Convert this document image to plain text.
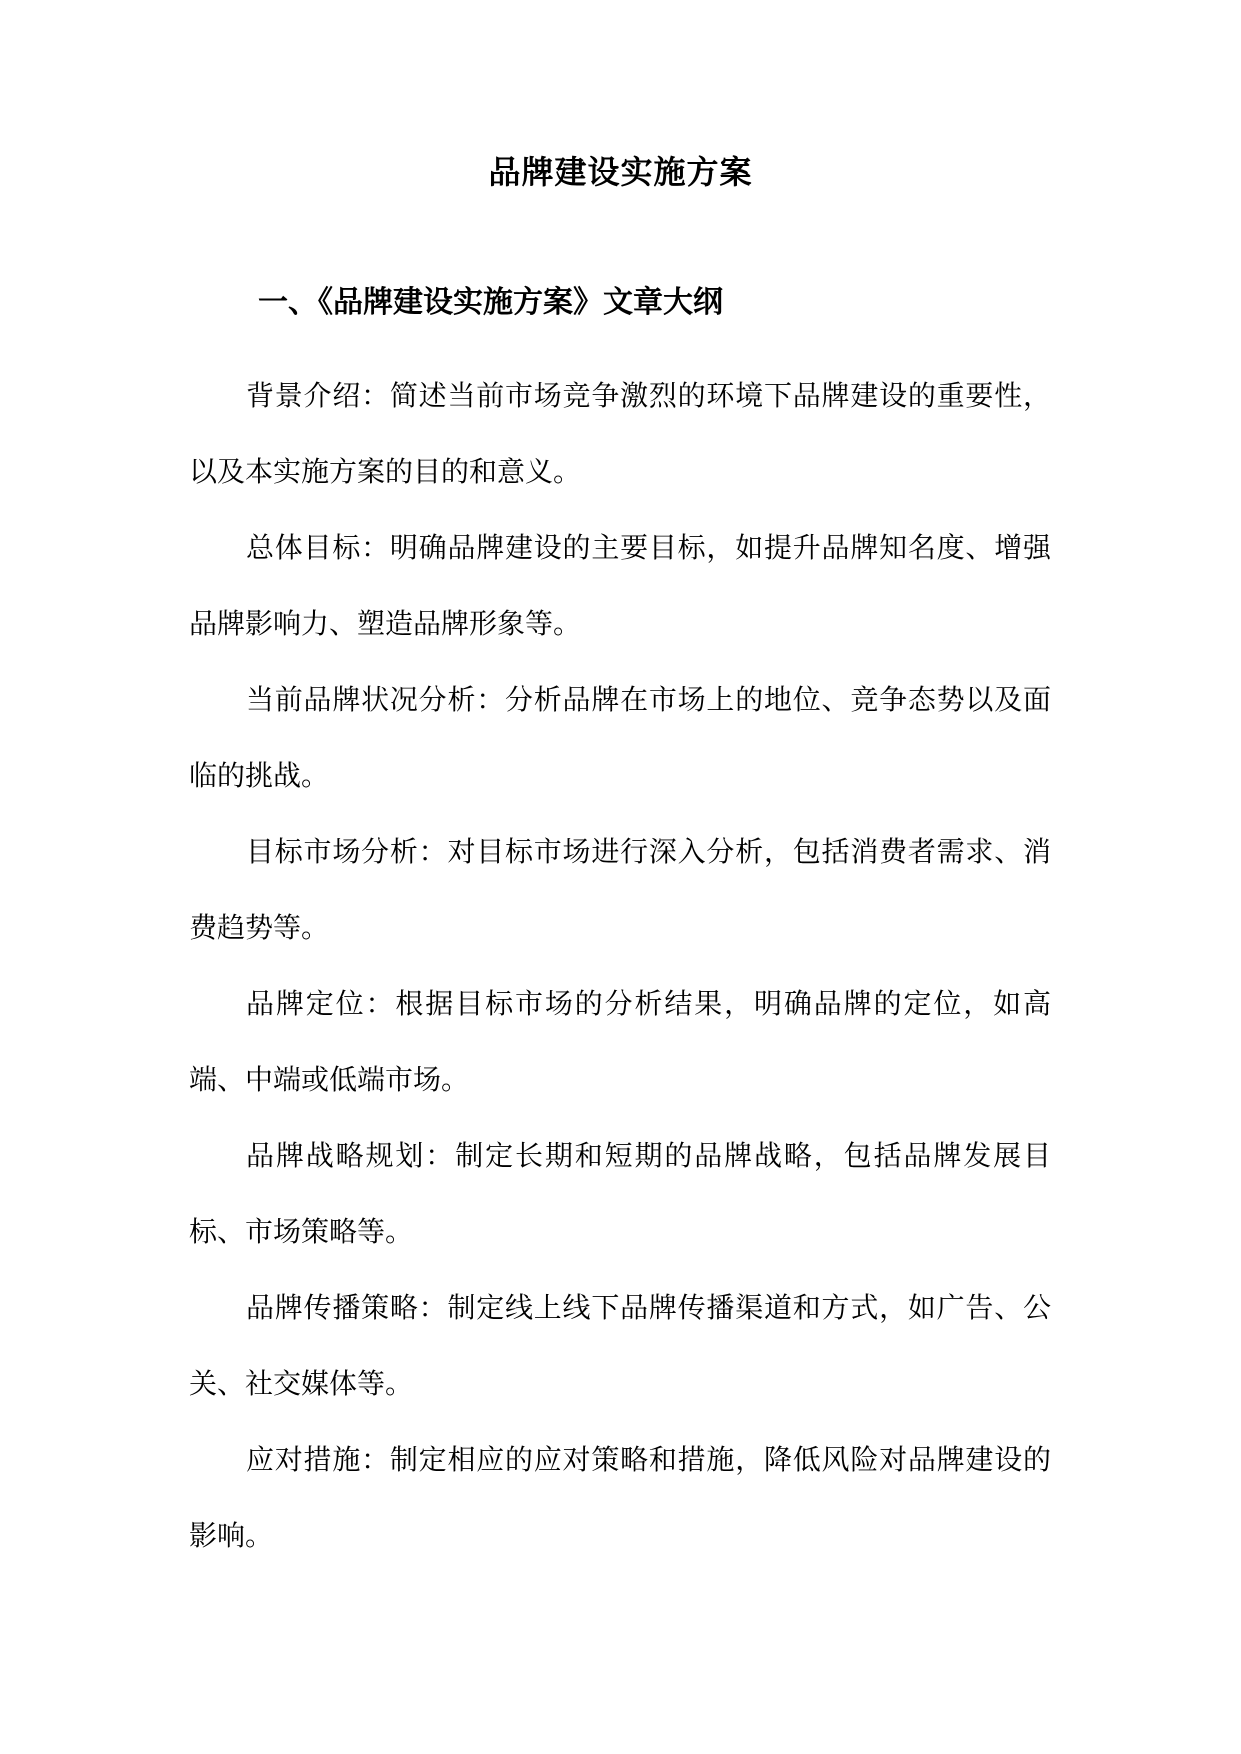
品牌建设实施方案
一、《品牌建设实施方案》文章大纲

背景介绍：简述当前市场竞争激烈的环境下品牌建设的重要性，以及本实施方案的目的和意义。

总体目标：明确品牌建设的主要目标，如提升品牌知名度、增强品牌影响力、塑造品牌形象等。

当前品牌状况分析：分析品牌在市场上的地位、竞争态势以及面临的挑战。

目标市场分析：对目标市场进行深入分析，包括消费者需求、消费趋势等。

品牌定位：根据目标市场的分析结果，明确品牌的定位，如高端、中端或低端市场。

品牌战略规划：制定长期和短期的品牌战略，包括品牌发展目标、市场策略等。

品牌传播策略：制定线上线下品牌传播渠道和方式，如广告、公关、社交媒体等。

应对措施：制定相应的应对策略和措施，降低风险对品牌建设的影响。
